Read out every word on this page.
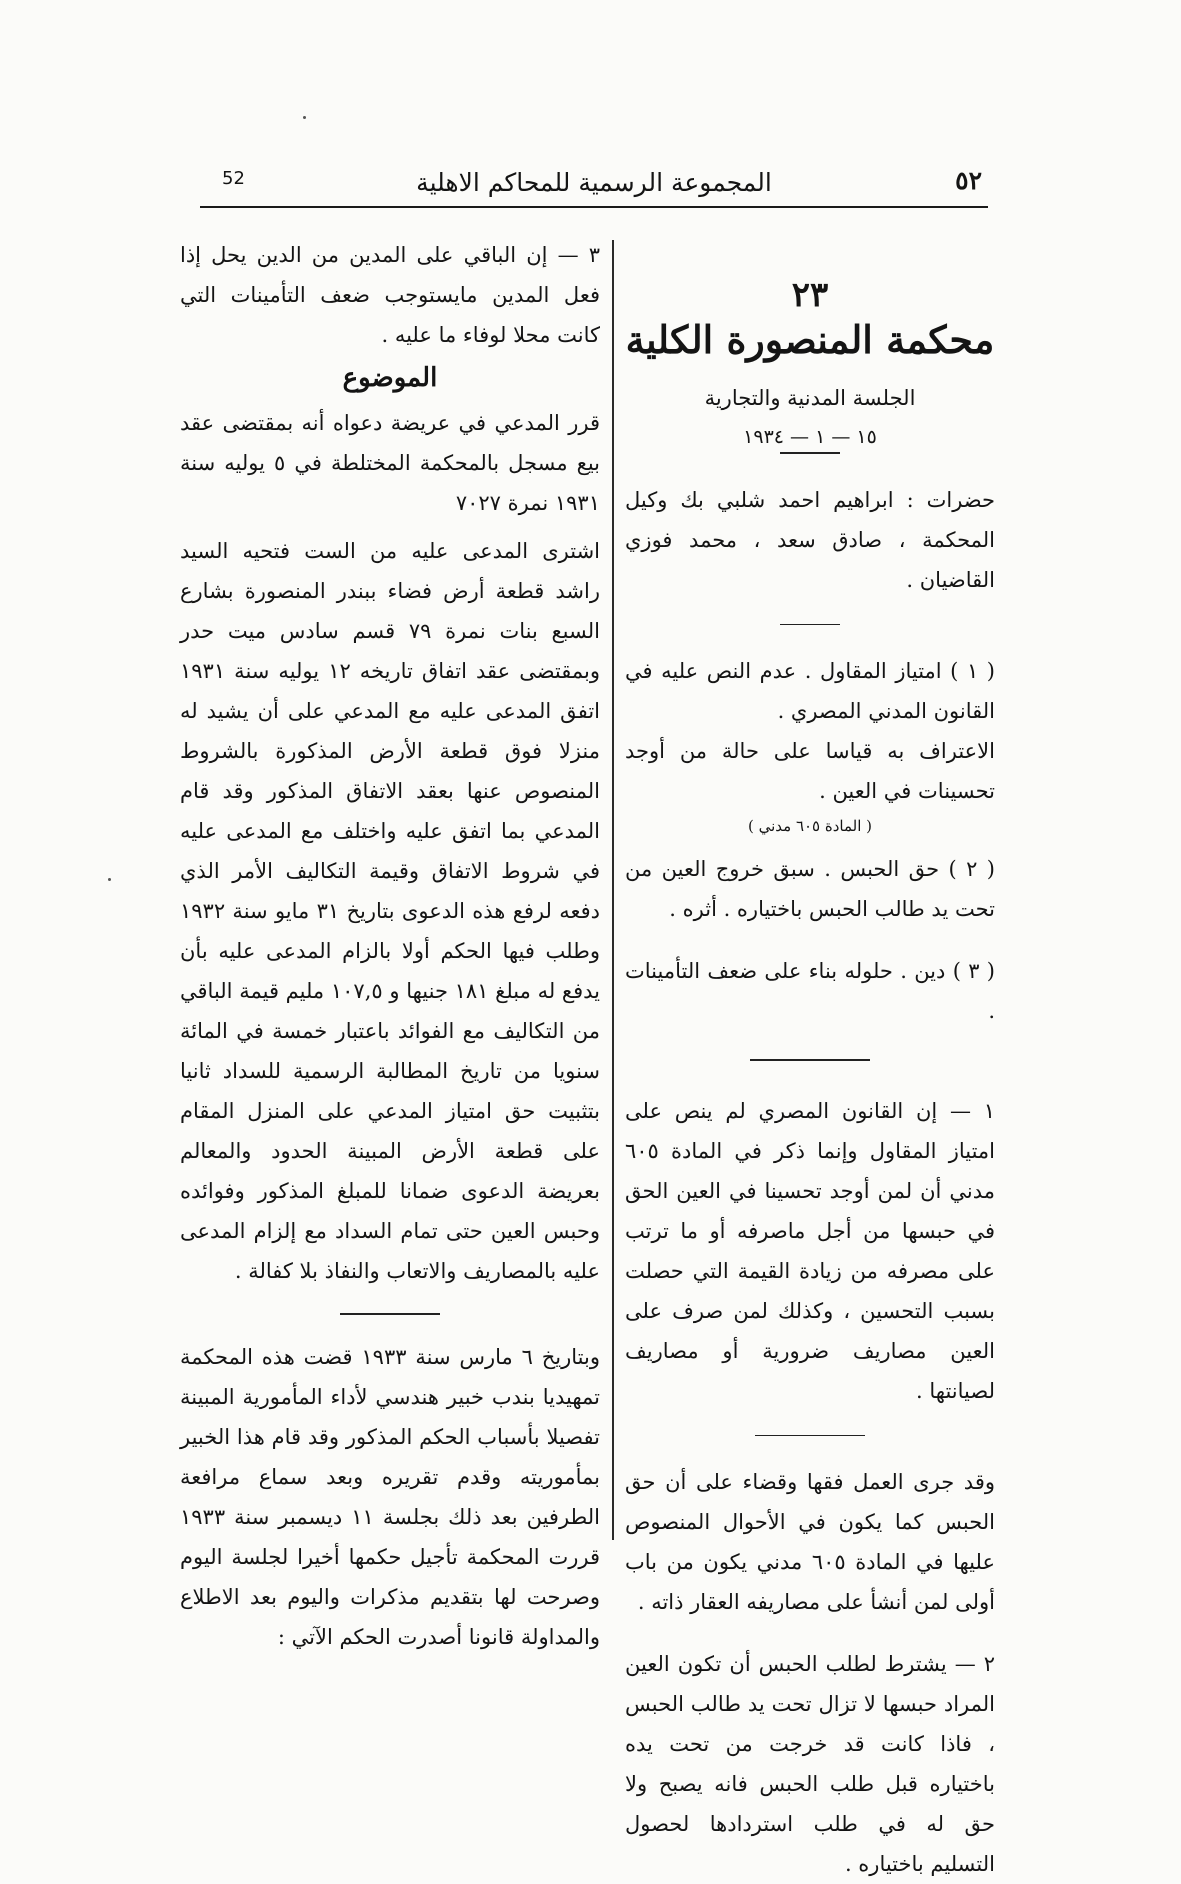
52	المجموعة الرسمية للمحاكم الاهلية	٥٢
٢٣
محكمة المنصورة الكلية
الجلسة المدنية والتجارية
١٥ — ١ — ١٩٣٤

حضرات : ابراهيم احمد شلبي بك وكيل المحكمة ، صادق سعد ، محمد فوزي القاضيان .

( ١ ) امتياز المقاول . عدم النص عليه في القانون المدني المصري .

الاعتراف به قياسا على حالة من أوجد تحسينات في العين .

( المادة ٦٠٥ مدني )

( ٢ ) حق الحبس . سبق خروج العين من تحت يد طالب الحبس باختياره . أثره .

( ٣ ) دين . حلوله بناء على ضعف التأمينات .

١ — إن القانون المصري لم ينص على امتياز المقاول وإنما ذكر في المادة ٦٠٥ مدني أن لمن أوجد تحسينا في العين الحق في حبسها من أجل ماصرفه أو ما ترتب على مصرفه من زيادة القيمة التي حصلت بسبب التحسين ، وكذلك لمن صرف على العين مصاريف ضرورية أو مصاريف لصيانتها .

وقد جرى العمل فقها وقضاء على أن حق الحبس كما يكون في الأحوال المنصوص عليها في المادة ٦٠٥ مدني يكون من باب أولى لمن أنشأ على مصاريفه العقار ذاته .

٢ — يشترط لطلب الحبس أن تكون العين المراد حبسها لا تزال تحت يد طالب الحبس ، فاذا كانت قد خرجت من تحت يده باختياره قبل طلب الحبس فانه يصبح ولا حق له في طلب استردادها لحصول التسليم باختياره .

٣ — إن الباقي على المدين من الدين يحل إذا فعل المدين مايستوجب ضعف التأمينات التي كانت محلا لوفاء ما عليه .

الموضوع

قرر المدعي في عريضة دعواه أنه بمقتضى عقد بيع مسجل بالمحكمة المختلطة في ٥ يوليه سنة ١٩٣١ نمرة ٧٠٢٧

اشترى المدعى عليه من الست فتحيه السيد راشد قطعة أرض فضاء ببندر المنصورة بشارع السبع بنات نمرة ٧٩ قسم سادس ميت حدر وبمقتضى عقد اتفاق تاريخه ١٢ يوليه سنة ١٩٣١ اتفق المدعى عليه مع المدعي على أن يشيد له منزلا فوق قطعة الأرض المذكورة بالشروط المنصوص عنها بعقد الاتفاق المذكور وقد قام المدعي بما اتفق عليه واختلف مع المدعى عليه في شروط الاتفاق وقيمة التكاليف الأمر الذي دفعه لرفع هذه الدعوى بتاريخ ٣١ مايو سنة ١٩٣٢ وطلب فيها الحكم أولا بالزام المدعى عليه بأن يدفع له مبلغ ١٨١ جنيها و ١٠٧,٥ مليم قيمة الباقي من التكاليف مع الفوائد باعتبار خمسة في المائة سنويا من تاريخ المطالبة الرسمية للسداد ثانيا بتثبيت حق امتياز المدعي على المنزل المقام على قطعة الأرض المبينة الحدود والمعالم بعريضة الدعوى ضمانا للمبلغ المذكور وفوائده وحبس العين حتى تمام السداد مع إلزام المدعى عليه بالمصاريف والاتعاب والنفاذ بلا كفالة .

وبتاريخ ٦ مارس سنة ١٩٣٣ قضت هذه المحكمة تمهيديا بندب خبير هندسي لأداء المأمورية المبينة تفصيلا بأسباب الحكم المذكور وقد قام هذا الخبير بمأموريته وقدم تقريره وبعد سماع مرافعة الطرفين بعد ذلك بجلسة ١١ ديسمبر سنة ١٩٣٣ قررت المحكمة تأجيل حكمها أخيرا لجلسة اليوم وصرحت لها بتقديم مذكرات واليوم بعد الاطلاع والمداولة قانونا أصدرت الحكم الآتي :
